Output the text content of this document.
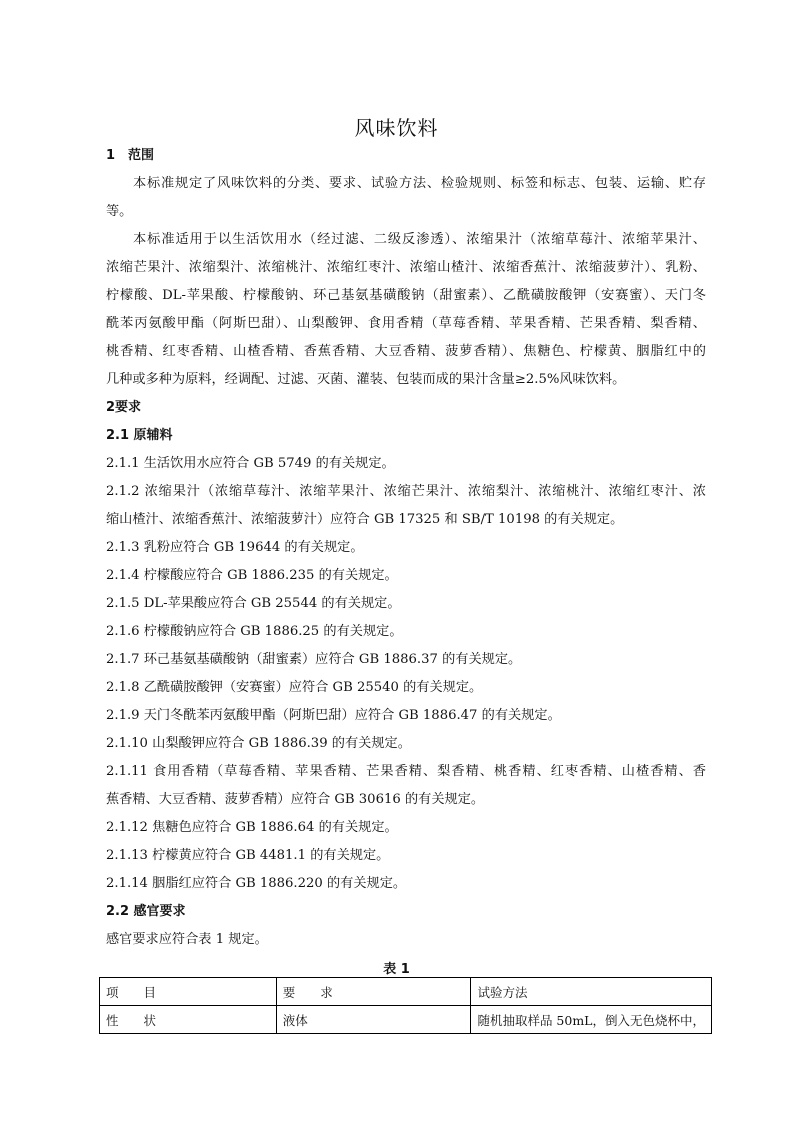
风味饮料
1　范围
本标准规定了风味饮料的分类、要求、试验方法、检验规则、标签和标志、包装、运输、贮存
等。
本标准适用于以生活饮用水（经过滤、二级反渗透）、浓缩果汁（浓缩草莓汁、浓缩苹果汁、
浓缩芒果汁、浓缩梨汁、浓缩桃汁、浓缩红枣汁、浓缩山楂汁、浓缩香蕉汁、浓缩菠萝汁）、乳粉、
柠檬酸、DL-苹果酸、柠檬酸钠、环己基氨基磺酸钠（甜蜜素）、乙酰磺胺酸钾（安赛蜜）、天门冬
酰苯丙氨酸甲酯（阿斯巴甜）、山梨酸钾、食用香精（草莓香精、苹果香精、芒果香精、梨香精、
桃香精、红枣香精、山楂香精、香蕉香精、大豆香精、菠萝香精）、焦糖色、柠檬黄、胭脂红中的
几种或多种为原料，经调配、过滤、灭菌、灌装、包装而成的果汁含量≥2.5%风味饮料。
2要求
2.1 原辅料
2.1.1 生活饮用水应符合 GB 5749 的有关规定。
2.1.2 浓缩果汁（浓缩草莓汁、浓缩苹果汁、浓缩芒果汁、浓缩梨汁、浓缩桃汁、浓缩红枣汁、浓
缩山楂汁、浓缩香蕉汁、浓缩菠萝汁）应符合 GB 17325 和 SB/T 10198 的有关规定。
2.1.3 乳粉应符合 GB 19644 的有关规定。
2.1.4 柠檬酸应符合 GB 1886.235 的有关规定。
2.1.5 DL-苹果酸应符合 GB 25544 的有关规定。
2.1.6 柠檬酸钠应符合 GB 1886.25 的有关规定。
2.1.7 环己基氨基磺酸钠（甜蜜素）应符合 GB 1886.37 的有关规定。
2.1.8 乙酰磺胺酸钾（安赛蜜）应符合 GB 25540 的有关规定。
2.1.9 天门冬酰苯丙氨酸甲酯（阿斯巴甜）应符合 GB 1886.47 的有关规定。
2.1.10 山梨酸钾应符合 GB 1886.39 的有关规定。
2.1.11 食用香精（草莓香精、苹果香精、芒果香精、梨香精、桃香精、红枣香精、山楂香精、香
蕉香精、大豆香精、菠萝香精）应符合 GB 30616 的有关规定。
2.1.12 焦糖色应符合 GB 1886.64 的有关规定。
2.1.13 柠檬黄应符合 GB 4481.1 的有关规定。
2.1.14 胭脂红应符合 GB 1886.220 的有关规定。
2.2 感官要求
感官要求应符合表 1 规定。
表 1
项　　目	要　　求	试验方法
性　　状	液体	随机抽取样品 50mL，倒入无色烧杯中，
